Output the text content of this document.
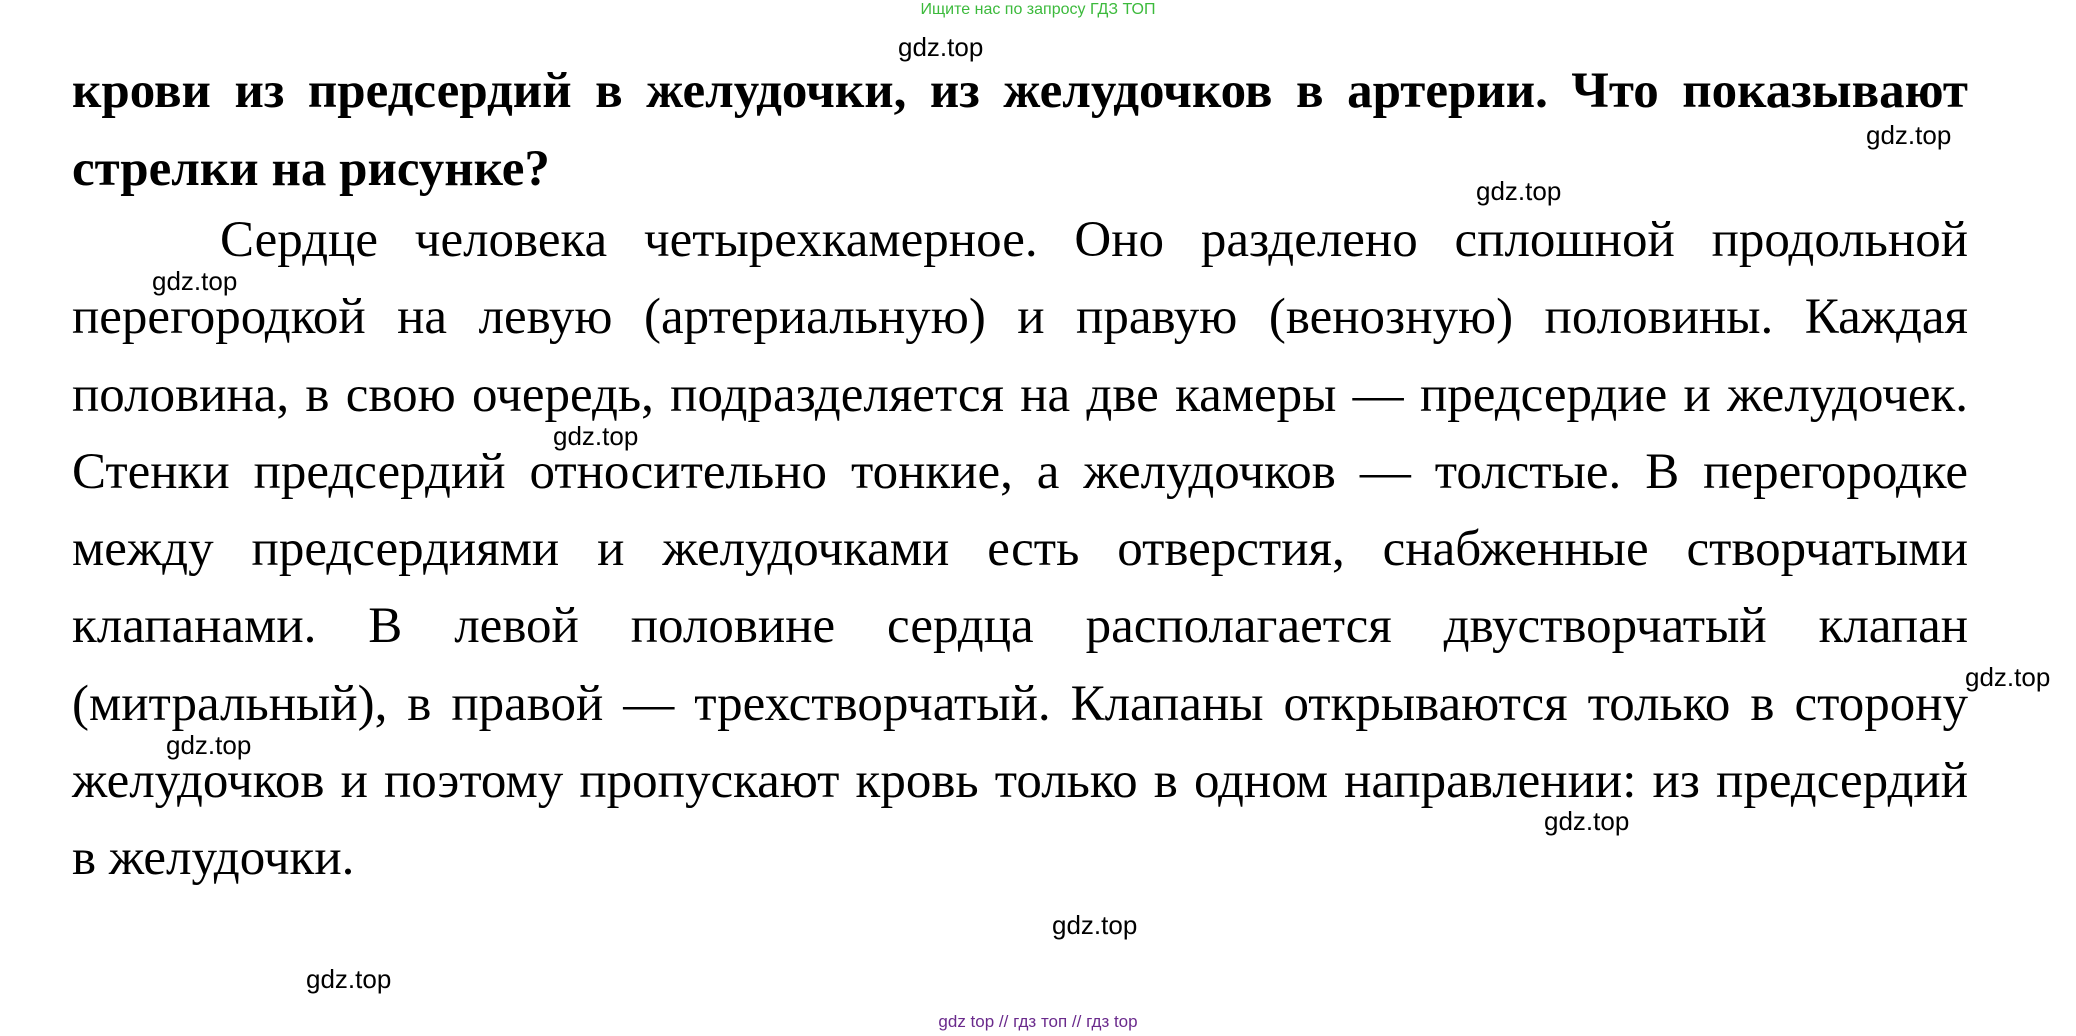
Ищите нас по запросу ГДЗ ТОП

крови из предсердий в желудочки, из желудочков в артерии. Что показывают стрелки на рисунке?

Сердце человека четырехкамерное. Оно разделено сплошной продольной перегородкой на левую (артериальную) и правую (венозную) половины. Каждая половина, в свою очередь, подразделяется на две камеры — предсердие и желудочек. Стенки предсердий относительно тонкие, а желудочков — толстые. В перегородке между предсердиями и желудочками есть отверстия, снабженные створчатыми клапанами. В левой половине сердца располагается двустворчатый клапан (митральный), в правой — трехстворчатый. Клапаны открываются только в сторону желудочков и поэтому пропускают кровь только в одном направлении: из предсердий в желудочки.

gdz.top
gdz.top
gdz.top
gdz.top
gdz.top
gdz.top
gdz.top
gdz.top
gdz.top
gdz.top
gdz top // гдз топ // гдз top
